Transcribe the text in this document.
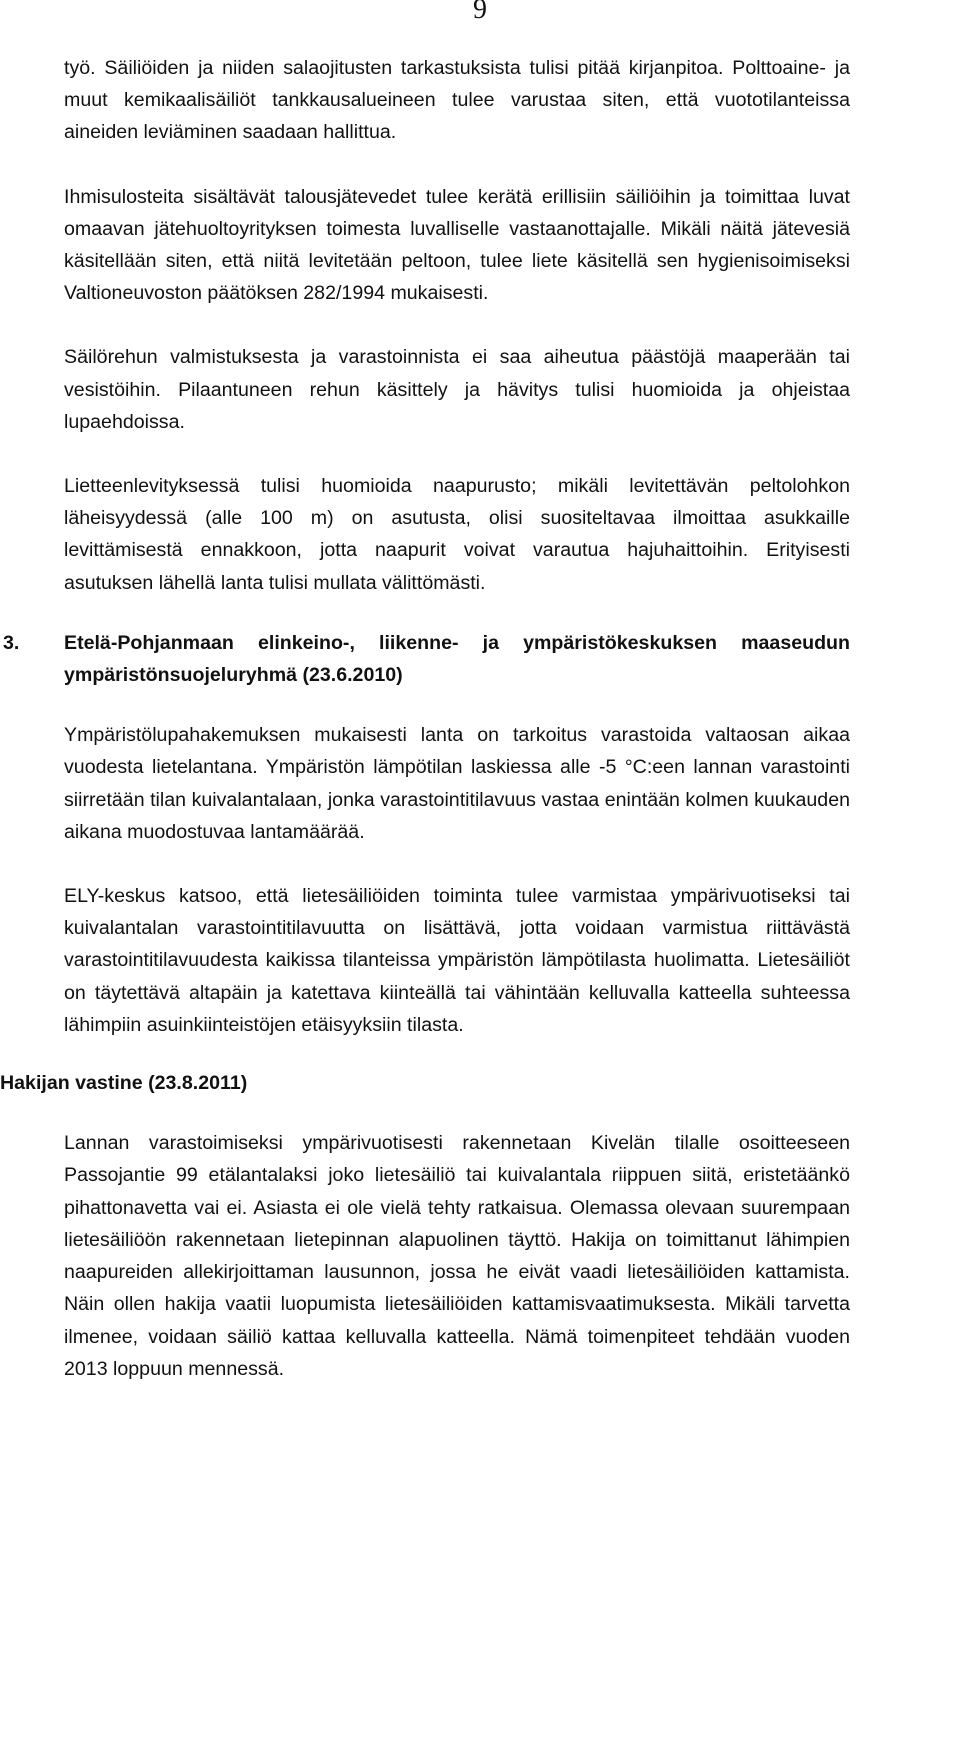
9

työ. Säiliöiden ja niiden salaojitusten tarkastuksista tulisi pitää kirjanpitoa. Polttoaine- ja muut kemikaalisäiliöt tankkausalueineen tulee varustaa siten, että vuototilanteissa aineiden leviäminen saadaan hallittua.

Ihmisulosteita sisältävät talousjätevedet tulee kerätä erillisiin säiliöihin ja toimittaa luvat omaavan jätehuoltoyrityksen toimesta luvalliselle vastaanottajalle. Mikäli näitä jätevesiä käsitellään siten, että niitä levitetään peltoon, tulee liete käsitellä sen hygienisoimiseksi Valtioneuvoston päätöksen 282/1994 mukaisesti.

Säilörehun valmistuksesta ja varastoinnista ei saa aiheutua päästöjä maaperään tai vesistöihin. Pilaantuneen rehun käsittely ja hävitys tulisi huomioida ja ohjeistaa lupaehdoissa.

Lietteenlevityksessä tulisi huomioida naapurusto; mikäli levitettävän peltolohkon läheisyydessä (alle 100 m) on asutusta, olisi suositeltavaa ilmoittaa asukkaille levittämisestä ennakkoon, jotta naapurit voivat varautua hajuhaittoihin. Erityisesti asutuksen lähellä lanta tulisi mullata välittömästi.

3. Etelä-Pohjanmaan elinkeino-, liikenne- ja ympäristökeskuksen maaseudun ympäristönsuojeluryhmä (23.6.2010)

Ympäristölupahakemuksen mukaisesti lanta on tarkoitus varastoida valtaosan aikaa vuodesta lietelantana. Ympäristön lämpötilan laskiessa alle -5 °C:een lannan varastointi siirretään tilan kuivalantalaan, jonka varastointitilavuus vastaa enintään kolmen kuukauden aikana muodostuvaa lantamäärää.

ELY-keskus katsoo, että lietesäiliöiden toiminta tulee varmistaa ympärivuotiseksi tai kuivalantalan varastointitilavuutta on lisättävä, jotta voidaan varmistua riittävästä varastointitilavuudesta kaikissa tilanteissa ympäristön lämpötilasta huolimatta. Lietesäiliöt on täytettävä altapäin ja katettava kiinteällä tai vähintään kelluvalla katteella suhteessa lähimpiin asuinkiinteistöjen etäisyyksiin tilasta.

Hakijan vastine (23.8.2011)

Lannan varastoimiseksi ympärivuotisesti rakennetaan Kivelän tilalle osoitteeseen Passojantie 99 etälantalaksi joko lietesäiliö tai kuivalantala riippuen siitä, eristetäänkö pihattonavetta vai ei. Asiasta ei ole vielä tehty ratkaisua. Olemassa olevaan suurempaan lietesäiliöön rakennetaan lietepinnan alapuolinen täyttö. Hakija on toimittanut lähimpien naapureiden allekirjoittaman lausunnon, jossa he eivät vaadi lietesäiliöiden kattamista. Näin ollen hakija vaatii luopumista lietesäiliöiden kattamisvaatimuksesta. Mikäli tarvetta ilmenee, voidaan säiliö kattaa kelluvalla katteella. Nämä toimenpiteet tehdään vuoden 2013 loppuun mennessä.
